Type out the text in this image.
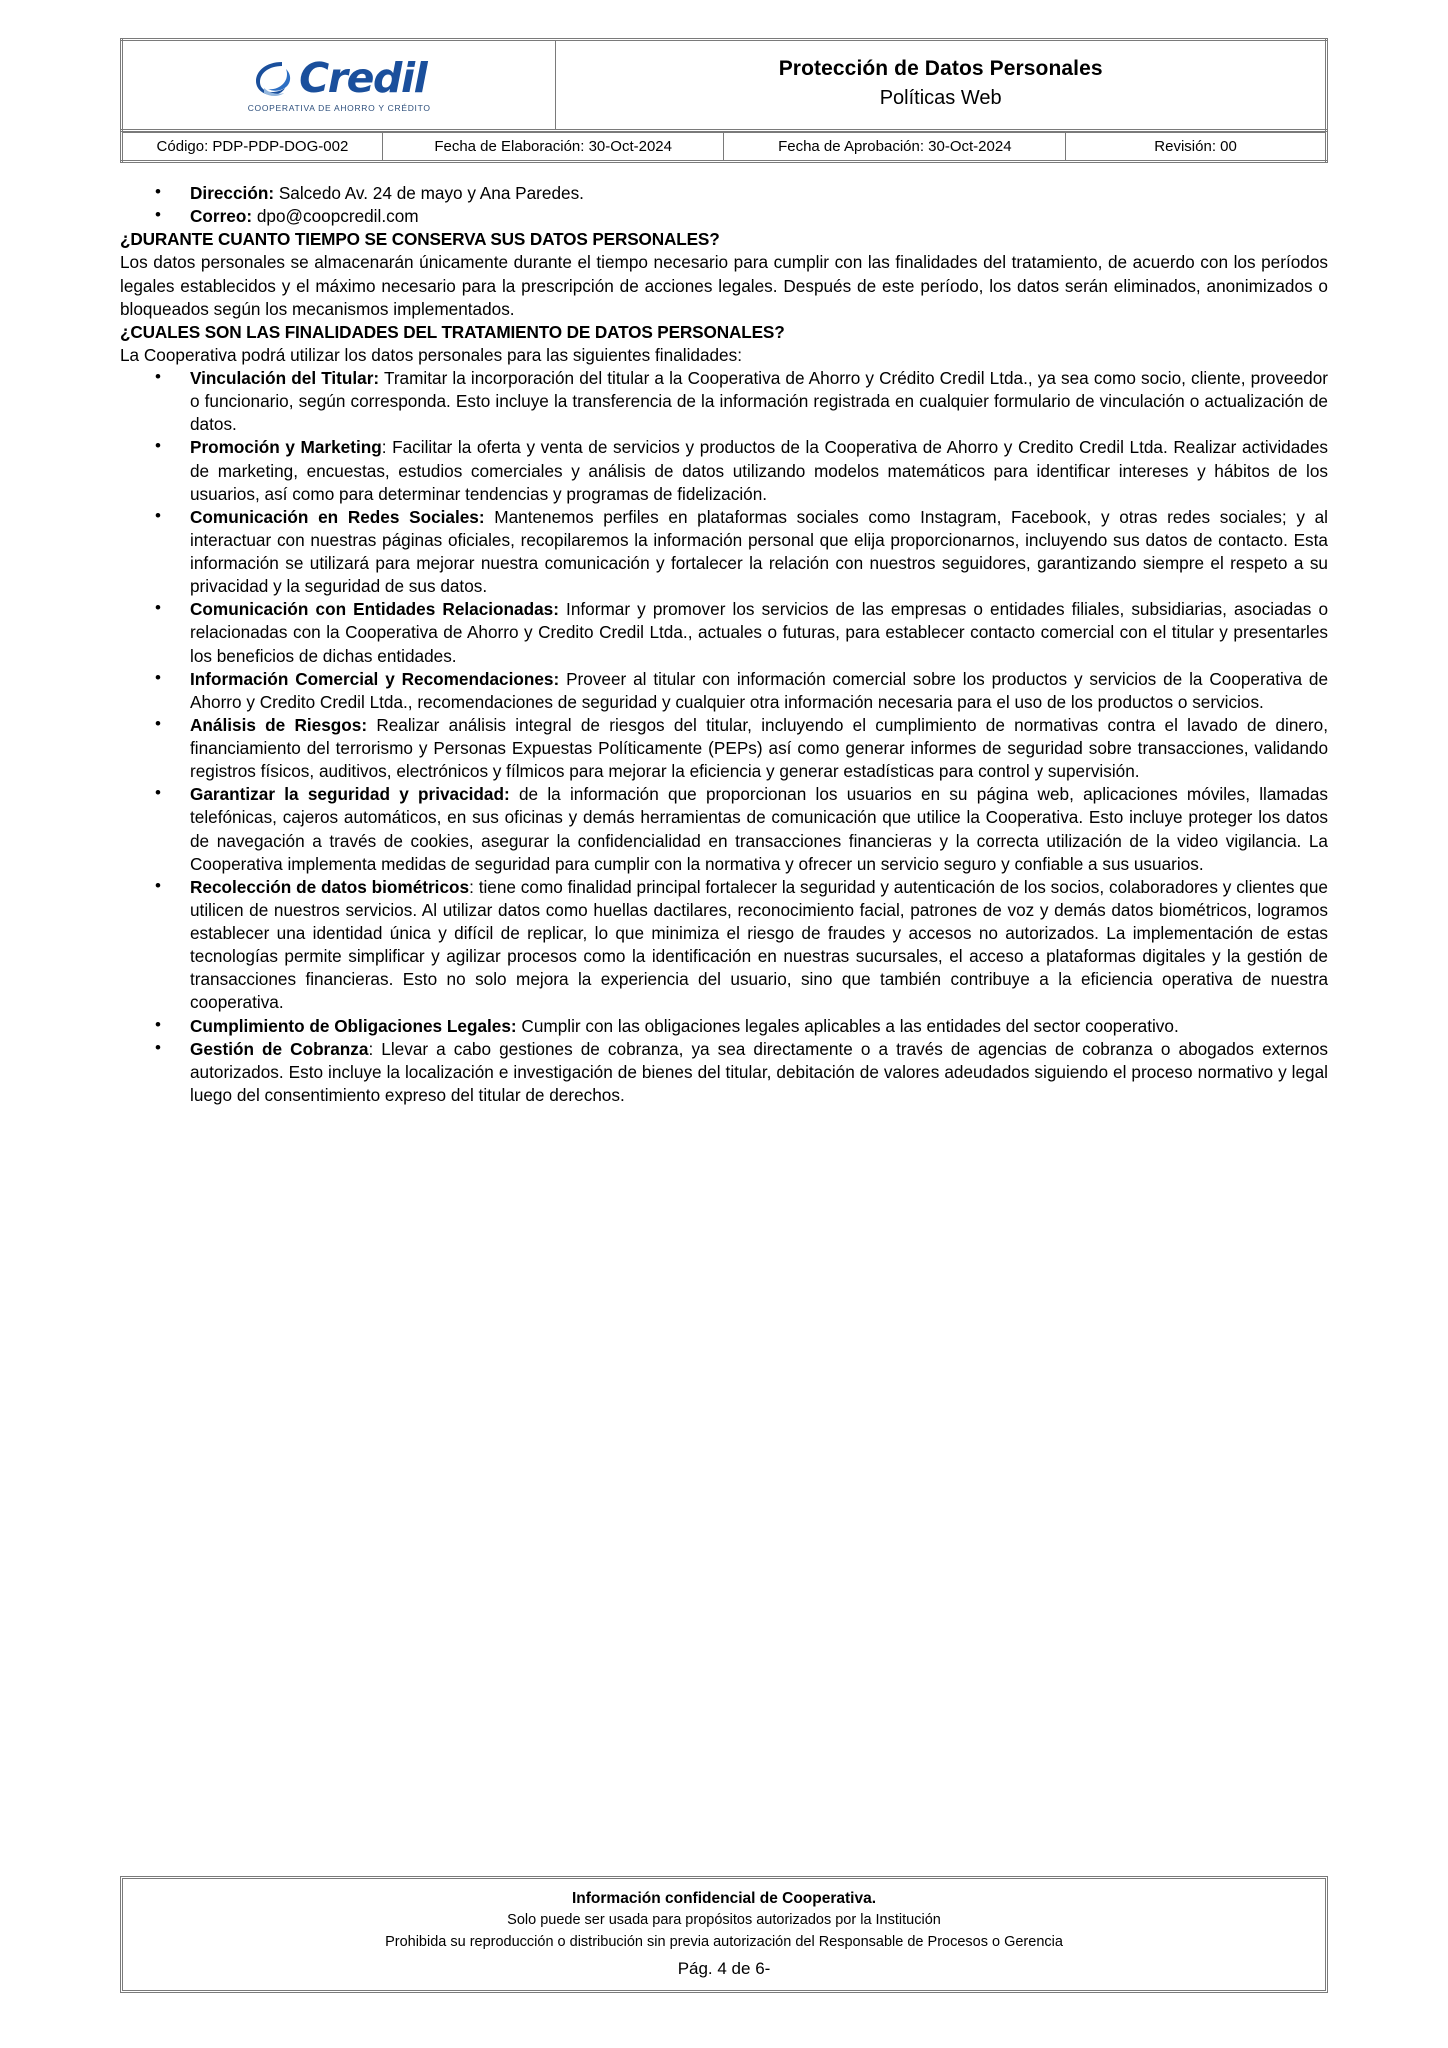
Credil
COOPERATIVA DE AHORRO Y CRÉDITO

Protección de Datos Personales
Políticas Web
Código: PDP-PDP-DOG-002	Fecha de Elaboración: 30-Oct-2024	Fecha de Aprobación: 30-Oct-2024	Revisión: 00
• Dirección: Salcedo Av. 24 de mayo y Ana Paredes.
• Correo: dpo@coopcredil.com

¿DURANTE CUANTO TIEMPO SE CONSERVA SUS DATOS PERSONALES?

Los datos personales se almacenarán únicamente durante el tiempo necesario para cumplir con las finalidades del tratamiento, de acuerdo con los períodos legales establecidos y el máximo necesario para la prescripción de acciones legales. Después de este período, los datos serán eliminados, anonimizados o bloqueados según los mecanismos implementados.

¿CUALES SON LAS FINALIDADES DEL TRATAMIENTO DE DATOS PERSONALES?

La Cooperativa podrá utilizar los datos personales para las siguientes finalidades:

• Vinculación del Titular: Tramitar la incorporación del titular a la Cooperativa de Ahorro y Crédito Credil Ltda., ya sea como socio, cliente, proveedor o funcionario, según corresponda. Esto incluye la transferencia de la información registrada en cualquier formulario de vinculación o actualización de datos.
• Promoción y Marketing: Facilitar la oferta y venta de servicios y productos de la Cooperativa de Ahorro y Credito Credil Ltda. Realizar actividades de marketing, encuestas, estudios comerciales y análisis de datos utilizando modelos matemáticos para identificar intereses y hábitos de los usuarios, así como para determinar tendencias y programas de fidelización.
• Comunicación en Redes Sociales: Mantenemos perfiles en plataformas sociales como Instagram, Facebook, y otras redes sociales; y al interactuar con nuestras páginas oficiales, recopilaremos la información personal que elija proporcionarnos, incluyendo sus datos de contacto. Esta información se utilizará para mejorar nuestra comunicación y fortalecer la relación con nuestros seguidores, garantizando siempre el respeto a su privacidad y la seguridad de sus datos.
• Comunicación con Entidades Relacionadas: Informar y promover los servicios de las empresas o entidades filiales, subsidiarias, asociadas o relacionadas con la Cooperativa de Ahorro y Credito Credil Ltda., actuales o futuras, para establecer contacto comercial con el titular y presentarles los beneficios de dichas entidades.
• Información Comercial y Recomendaciones: Proveer al titular con información comercial sobre los productos y servicios de la Cooperativa de Ahorro y Credito Credil Ltda., recomendaciones de seguridad y cualquier otra información necesaria para el uso de los productos o servicios.
• Análisis de Riesgos: Realizar análisis integral de riesgos del titular, incluyendo el cumplimiento de normativas contra el lavado de dinero, financiamiento del terrorismo y Personas Expuestas Políticamente (PEPs) así como generar informes de seguridad sobre transacciones, validando registros físicos, auditivos, electrónicos y fílmicos para mejorar la eficiencia y generar estadísticas para control y supervisión.
• Garantizar la seguridad y privacidad: de la información que proporcionan los usuarios en su página web, aplicaciones móviles, llamadas telefónicas, cajeros automáticos, en sus oficinas y demás herramientas de comunicación que utilice la Cooperativa. Esto incluye proteger los datos de navegación a través de cookies, asegurar la confidencialidad en transacciones financieras y la correcta utilización de la video vigilancia. La Cooperativa implementa medidas de seguridad para cumplir con la normativa y ofrecer un servicio seguro y confiable a sus usuarios.
• Recolección de datos biométricos: tiene como finalidad principal fortalecer la seguridad y autenticación de los socios, colaboradores y clientes que utilicen de nuestros servicios. Al utilizar datos como huellas dactilares, reconocimiento facial, patrones de voz y demás datos biométricos, logramos establecer una identidad única y difícil de replicar, lo que minimiza el riesgo de fraudes y accesos no autorizados. La implementación de estas tecnologías permite simplificar y agilizar procesos como la identificación en nuestras sucursales, el acceso a plataformas digitales y la gestión de transacciones financieras. Esto no solo mejora la experiencia del usuario, sino que también contribuye a la eficiencia operativa de nuestra cooperativa.
• Cumplimiento de Obligaciones Legales: Cumplir con las obligaciones legales aplicables a las entidades del sector cooperativo.
• Gestión de Cobranza: Llevar a cabo gestiones de cobranza, ya sea directamente o a través de agencias de cobranza o abogados externos autorizados. Esto incluye la localización e investigación de bienes del titular, debitación de valores adeudados siguiendo el proceso normativo y legal luego del consentimiento expreso del titular de derechos.
Información confidencial de Cooperativa.
Solo puede ser usada para propósitos autorizados por la Institución
Prohibida su reproducción o distribución sin previa autorización del Responsable de Procesos o Gerencia
Pág. 4 de 6-
